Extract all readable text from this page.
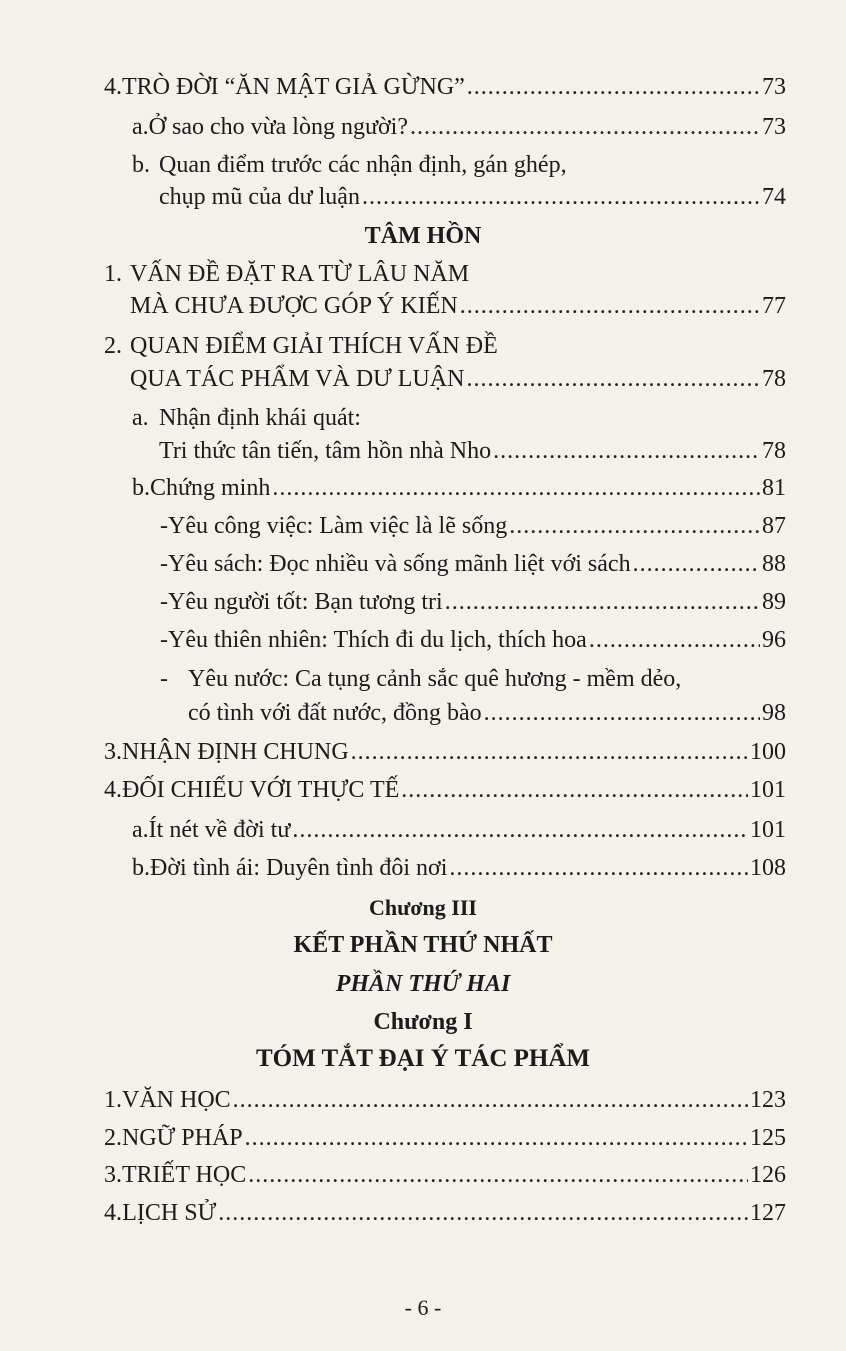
4. TRÒ ĐỜI “ĂN MẬT GIẢ GỪNG” .....	73
a. Ở sao cho vừa lòng người? .....	73
b. Quan điểm trước các nhận định, gán ghép,
chụp mũ của dư luận .....	74
TÂM HỒN
1. VẤN ĐỀ ĐẶT RA TỪ LÂU NĂM
MÀ CHƯA ĐƯỢC GÓP Ý KIẾN .....	77
2. QUAN ĐIỂM GIẢI THÍCH VẤN ĐỀ
QUA TÁC PHẨM VÀ DƯ LUẬN .....	78
a. Nhận định khái quát:
Tri thức tân tiến, tâm hồn nhà Nho .....	78
b. Chứng minh .....	81
- Yêu công việc: Làm việc là lẽ sống .....	87
- Yêu sách: Đọc nhiều và sống mãnh liệt với sách .....	88
- Yêu người tốt: Bạn tương tri .....	89
- Yêu thiên nhiên: Thích đi du lịch, thích hoa .....	96
- Yêu nước: Ca tụng cảnh sắc quê hương - mềm dẻo,
có tình với đất nước, đồng bào .....	98
3. NHẬN ĐỊNH CHUNG .....	100
4. ĐỐI CHIẾU VỚI THỰC TẾ .....	101
a. Ít nét về đời tư .....	101
b. Đời tình ái: Duyên tình đôi nơi .....	108
Chương III
KẾT PHẦN THỨ NHẤT
PHẦN THỨ HAI
Chương I
TÓM TẮT ĐẠI Ý TÁC PHẨM
1. VĂN HỌC .....	123
2. NGỮ PHÁP .....	125
3. TRIẾT HỌC .....	126
4. LỊCH SỬ .....	127
- 6 -
